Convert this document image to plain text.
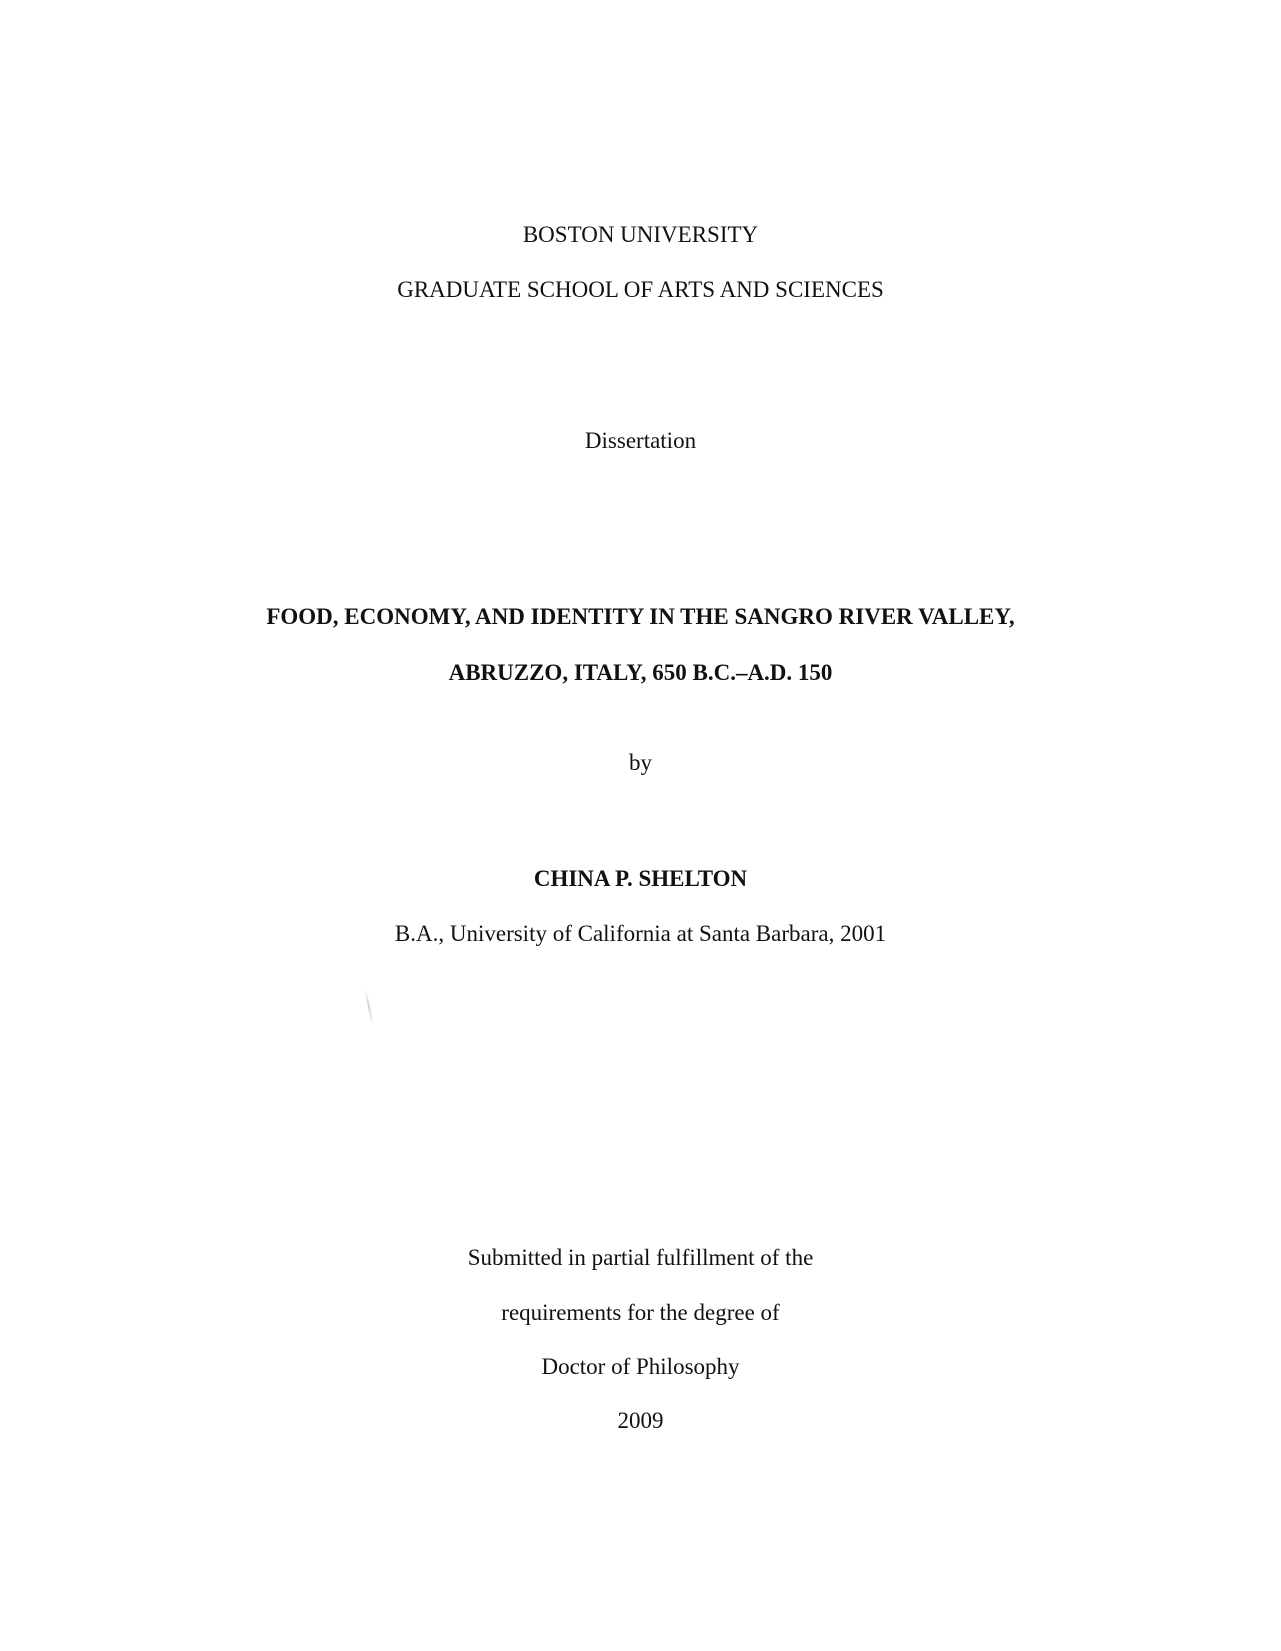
BOSTON UNIVERSITY
GRADUATE SCHOOL OF ARTS AND SCIENCES
Dissertation
FOOD, ECONOMY, AND IDENTITY IN THE SANGRO RIVER VALLEY,
ABRUZZO, ITALY, 650 B.C.–A.D. 150
by
CHINA P. SHELTON
B.A., University of California at Santa Barbara, 2001
Submitted in partial fulfillment of the
requirements for the degree of
Doctor of Philosophy
2009
